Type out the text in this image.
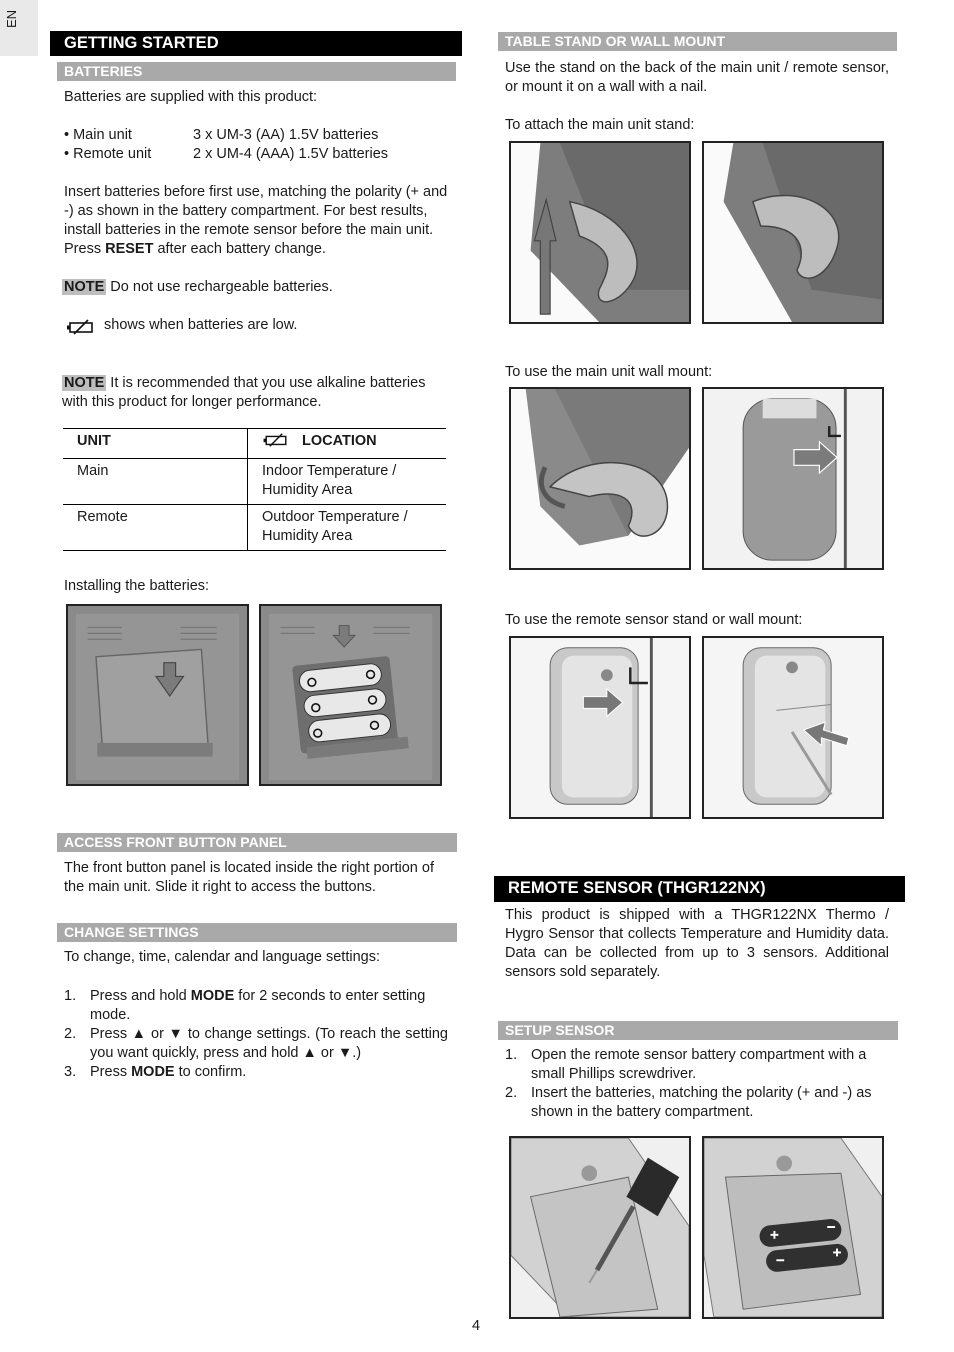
EN
GETTING STARTED
BATTERIES
Batteries are supplied with this product:
• Main unit	3 x UM-3 (AA) 1.5V batteries
• Remote unit	2 x UM-4 (AAA) 1.5V batteries
Insert batteries before first use, matching the polarity (+ and -) as shown in the battery compartment. For best results, install batteries in the remote sensor before the main unit. Press RESET after each battery change.
NOTE Do not use rechargeable batteries.
shows when batteries are low.
NOTE It is recommended that you use alkaline batteries with this product for longer performance.
UNIT	LOCATION
Main	Indoor Temperature /
Humidity Area
Remote	Outdoor Temperature /
Humidity Area
Installing the batteries:
ACCESS FRONT BUTTON PANEL
The front button panel is located inside the right portion of the main unit. Slide it right to access the buttons.
CHANGE SETTINGS
To change, time, calendar and language settings:
1. Press and hold MODE for 2 seconds to enter setting mode.
2. Press ▲ or ▼ to change settings. (To reach the setting you want quickly, press and hold ▲ or ▼.)
3. Press MODE to confirm.
TABLE STAND OR WALL MOUNT
Use the stand on the back of the main unit / remote sensor, or mount it on a wall with a nail.
To attach the main unit stand:
To use the main unit wall mount:
To use the remote sensor stand or wall mount:
REMOTE SENSOR (THGR122NX)
This product is shipped with a THGR122NX Thermo / Hygro Sensor that collects Temperature and Humidity data. Data can be collected from up to 3 sensors. Additional sensors sold separately.
SETUP SENSOR
1. Open the remote sensor battery compartment with a small Phillips screwdriver.
2. Insert the batteries, matching the polarity (+ and -) as shown in the battery compartment.
4
